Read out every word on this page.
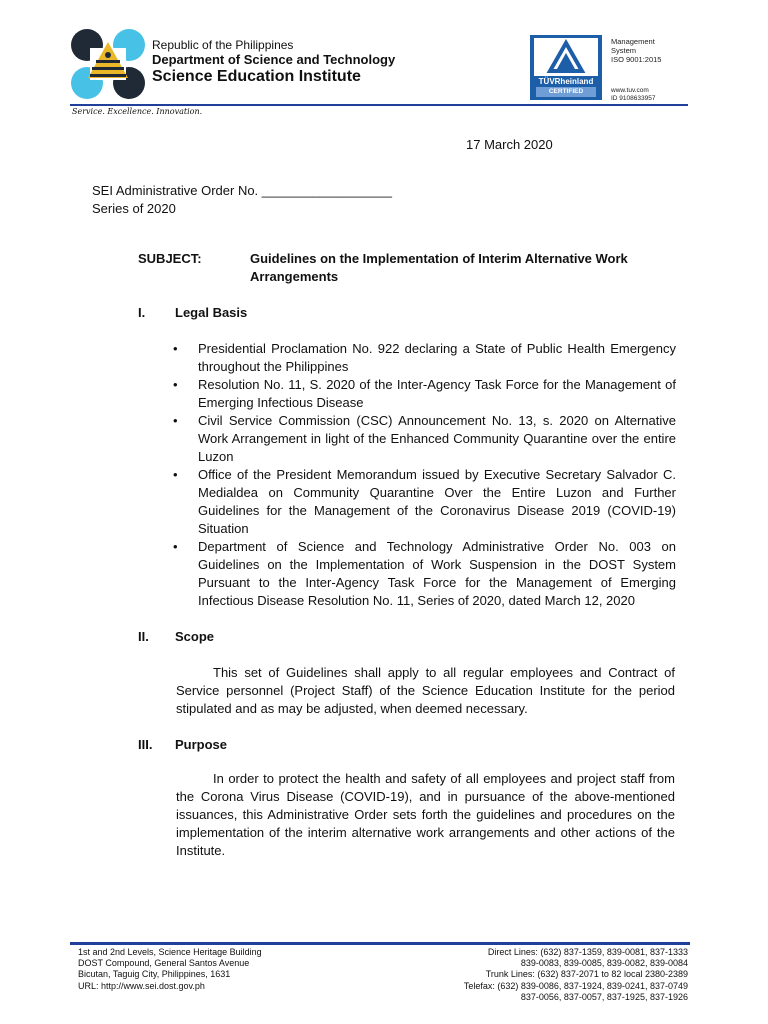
Republic of the Philippines
Department of Science and Technology
Science Education Institute
Service. Excellence. Innovation.
TÜVRheinland
CERTIFIED
Management
System
ISO 9001:2015
www.tuv.com
ID 9108633957
17 March 2020
SEI Administrative Order No. __________________
Series of 2020
SUBJECT:	Guidelines on the Implementation of Interim Alternative Work Arrangements
I. Legal Basis
• Presidential Proclamation No. 922 declaring a State of Public Health Emergency throughout the Philippines
• Resolution No. 11, S. 2020 of the Inter-Agency Task Force for the Management of Emerging Infectious Disease
• Civil Service Commission (CSC) Announcement No. 13, s. 2020 on Alternative Work Arrangement in light of the Enhanced Community Quarantine over the entire Luzon
• Office of the President Memorandum issued by Executive Secretary Salvador C. Medialdea on Community Quarantine Over the Entire Luzon and Further Guidelines for the Management of the Coronavirus Disease 2019 (COVID-19) Situation
• Department of Science and Technology Administrative Order No. 003 on Guidelines on the Implementation of Work Suspension in the DOST System Pursuant to the Inter-Agency Task Force for the Management of Emerging Infectious Disease Resolution No. 11, Series of 2020, dated March 12, 2020
II. Scope
This set of Guidelines shall apply to all regular employees and Contract of Service personnel (Project Staff) of the Science Education Institute for the period stipulated and as may be adjusted, when deemed necessary.
III. Purpose
In order to protect the health and safety of all employees and project staff from the Corona Virus Disease (COVID-19), and in pursuance of the above-mentioned issuances, this Administrative Order sets forth the guidelines and procedures on the implementation of the interim alternative work arrangements and other actions of the Institute.
1st and 2nd Levels, Science Heritage Building
DOST Compound, General Santos Avenue
Bicutan, Taguig City, Philippines, 1631
URL: http://www.sei.dost.gov.ph
Direct Lines: (632) 837-1359, 839-0081, 837-1333
839-0083, 839-0085, 839-0082, 839-0084
Trunk Lines: (632) 837-2071 to 82 local 2380-2389
Telefax: (632) 839-0086, 837-1924, 839-0241, 837-0749
837-0056, 837-0057, 837-1925, 837-1926
